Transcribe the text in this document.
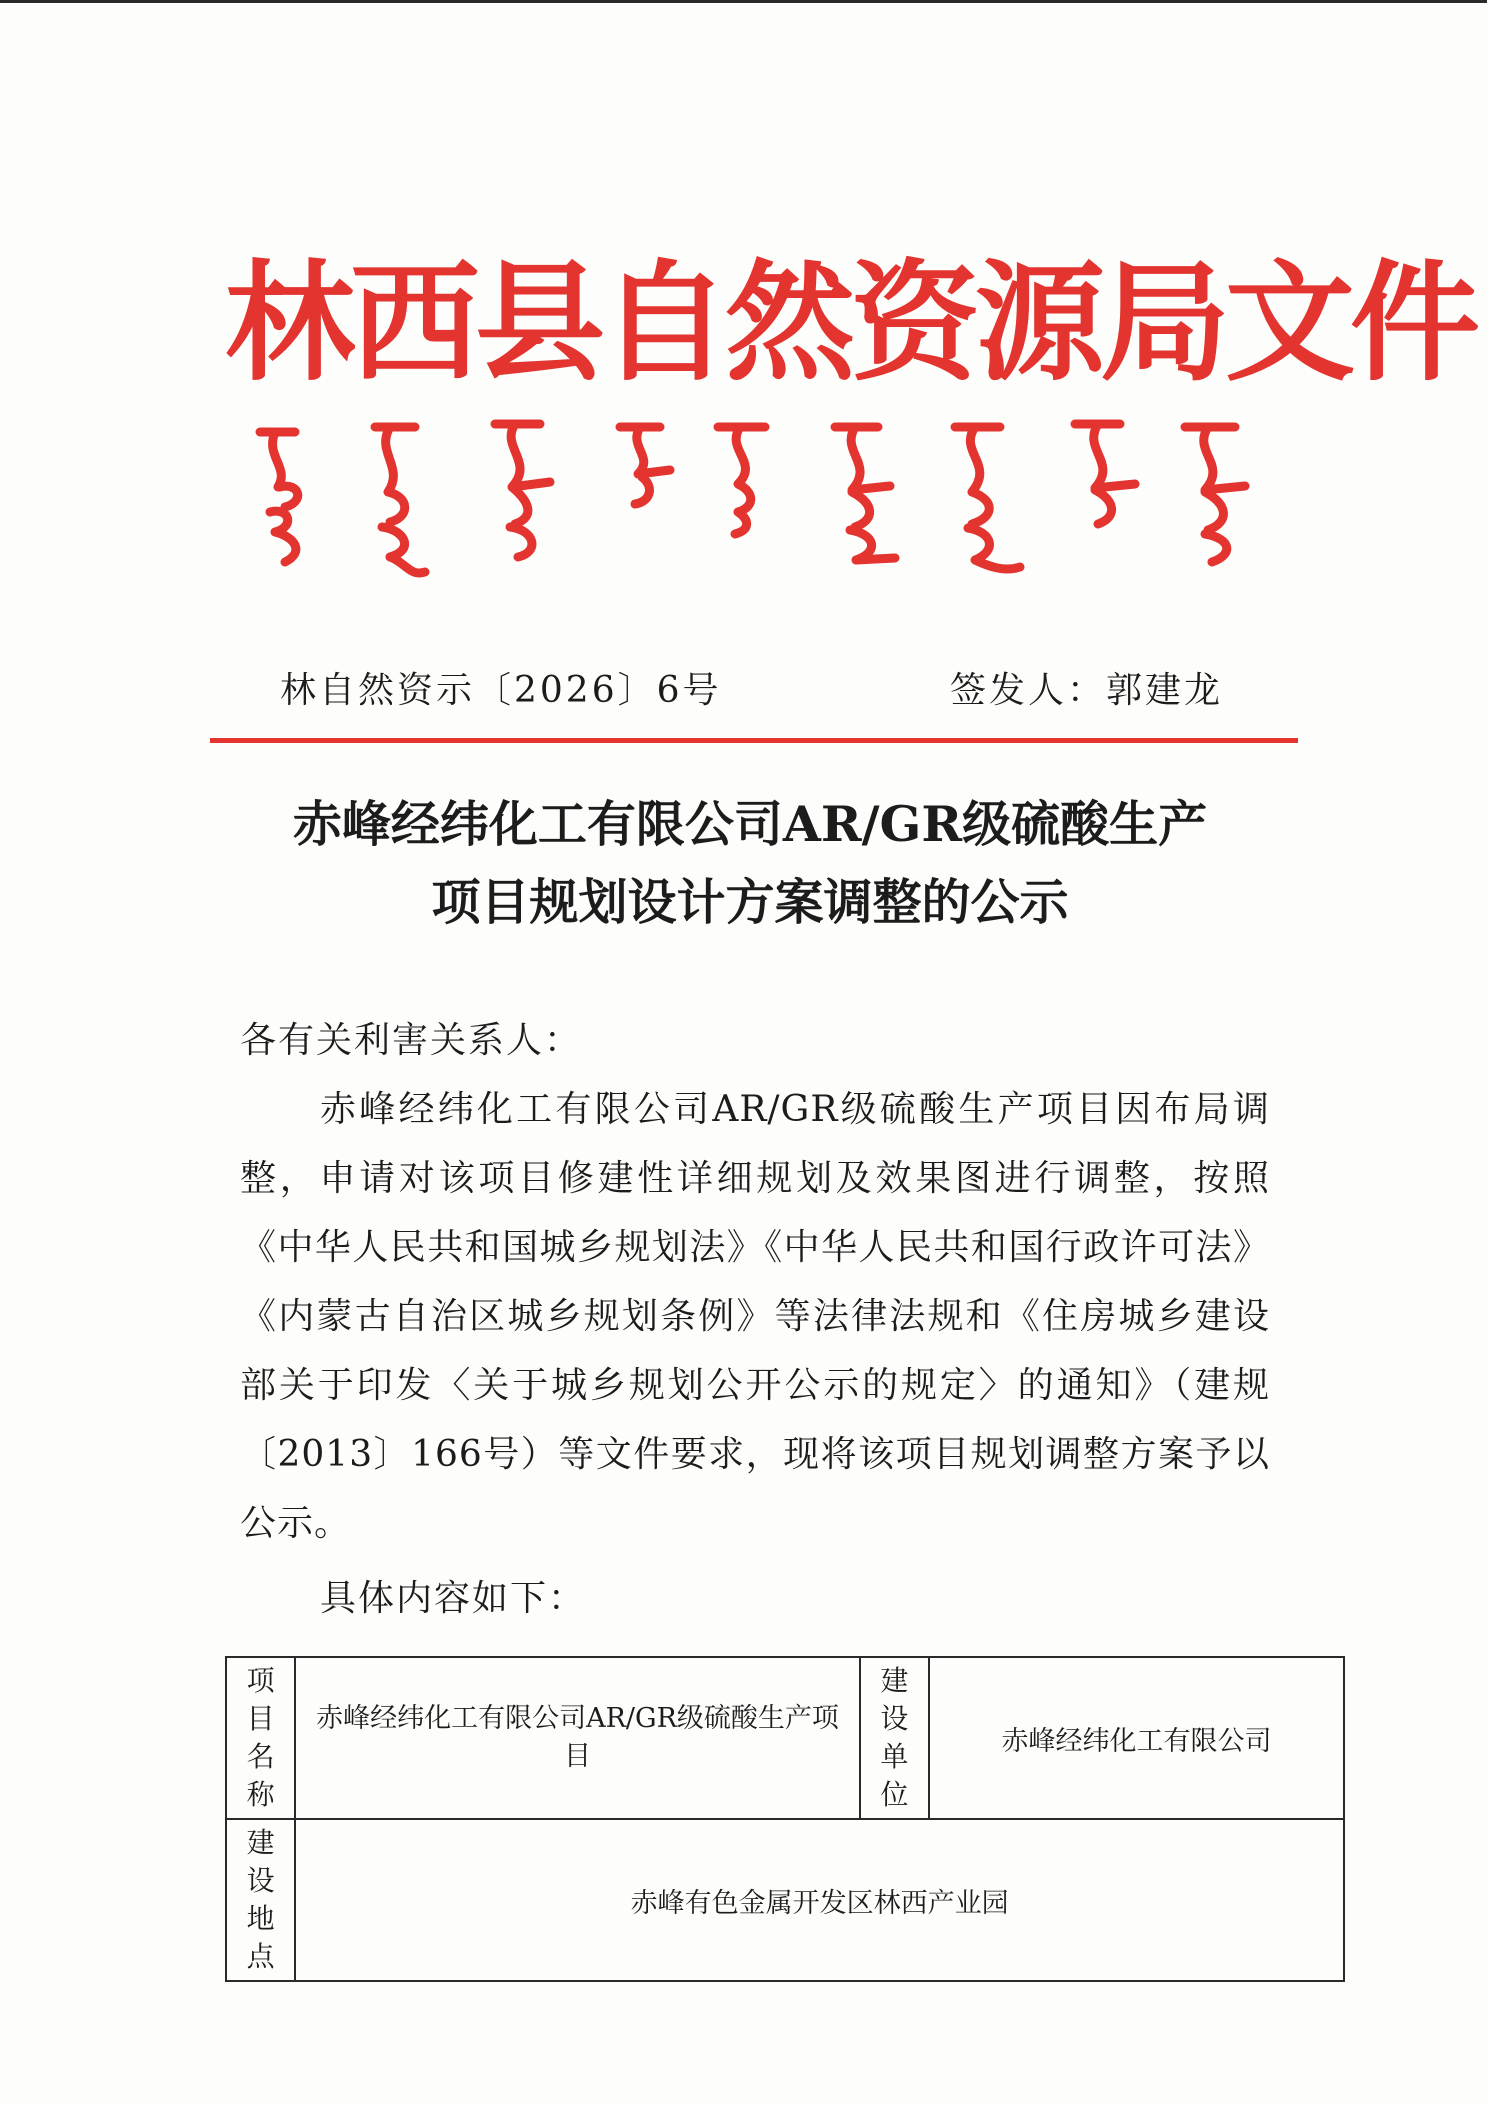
林西县自然资源局文件
林自然资示〔2026〕6号	签发人：郭建龙
赤峰经纬化工有限公司AR/GR级硫酸生产
项目规划设计方案调整的公示
各有关利害关系人：
赤峰经纬化工有限公司AR/GR级硫酸生产项目因布局调整，申请对该项目修建性详细规划及效果图进行调整，按照《中华人民共和国城乡规划法》《中华人民共和国行政许可法》《内蒙古自治区城乡规划条例》等法律法规和《住房城乡建设部关于印发〈关于城乡规划公开公示的规定〉的通知》（建规〔2013〕166号）等文件要求，现将该项目规划调整方案予以公示。
具体内容如下：
项
目
名
称	赤峰经纬化工有限公司AR/GR级硫酸生产项目	建
设
单
位	赤峰经纬化工有限公司

建
设
地
点	赤峰有色金属开发区林西产业园		
